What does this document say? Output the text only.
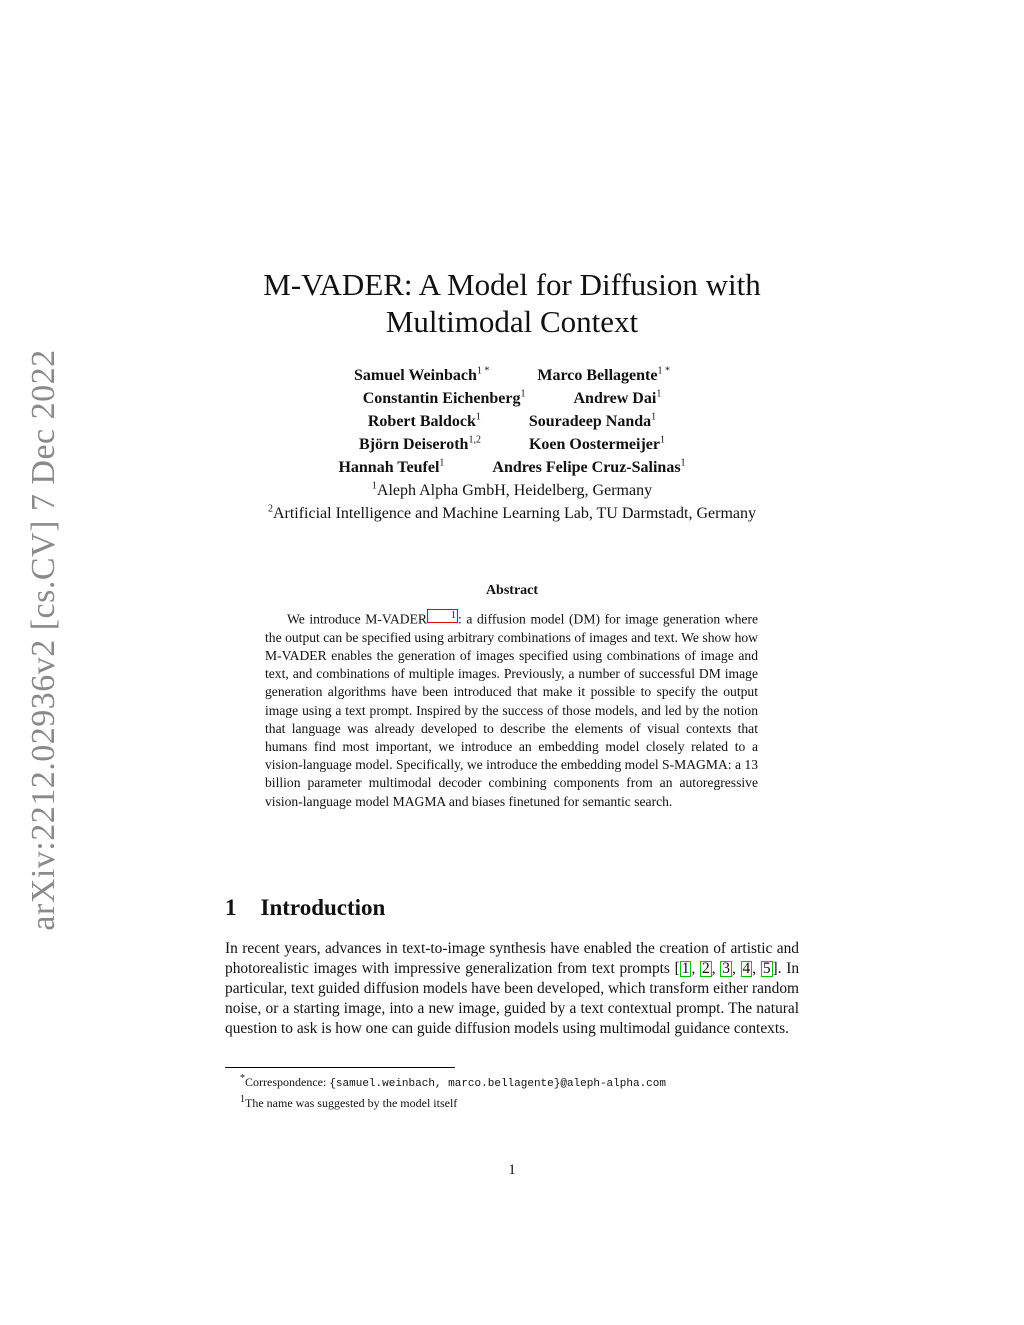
arXiv:2212.02936v2 [cs.CV] 7 Dec 2022
M-VADER: A Model for Diffusion with
Multimodal Context
Samuel Weinbach$^{1 *}$	Marco Bellagente$^{1 *}$
Constantin Eichenberg$^1$	Andrew Dai$^1$
Robert Baldock$^1$	Souradeep Nanda$^1$
Björn Deiseroth$^{1,2}$	Koen Oostermeijer$^1$
Hannah Teufel$^1$	Andres Felipe Cruz-Salinas$^1$
$^1$Aleph Alpha GmbH, Heidelberg, Germany
$^2$Artificial Intelligence and Machine Learning Lab, TU Darmstadt, Germany
Abstract

We introduce M-VADER 1 : a diffusion model (DM) for image generation where the output can be specified using arbitrary combinations of images and text. We show how M-VADER enables the generation of images specified using combinations of image and text, and combinations of multiple images. Previously, a number of successful DM image generation algorithms have been introduced that make it possible to specify the output image using a text prompt. Inspired by the success of those models, and led by the notion that language was already developed to describe the elements of visual contexts that humans find most important, we introduce an embedding model closely related to a vision-language model. Specifically, we introduce the embedding model S-MAGMA: a 13 billion parameter multimodal decoder combining components from an autoregressive vision-language model MAGMA and biases finetuned for semantic search.

1 Introduction

In recent years, advances in text-to-image synthesis have enabled the creation of artistic and photorealistic images with impressive generalization from text prompts [ 1 , 2 , 3 , 4 , 5 ]. In particular, text guided diffusion models have been developed, which transform either random noise, or a starting image, into a new image, guided by a text contextual prompt. The natural question to ask is how one can guide diffusion models using multimodal guidance contexts.

*Correspondence: {samuel.weinbach, marco.bellagente}@aleph-alpha.com
$^1$The name was suggested by the model itself
1
